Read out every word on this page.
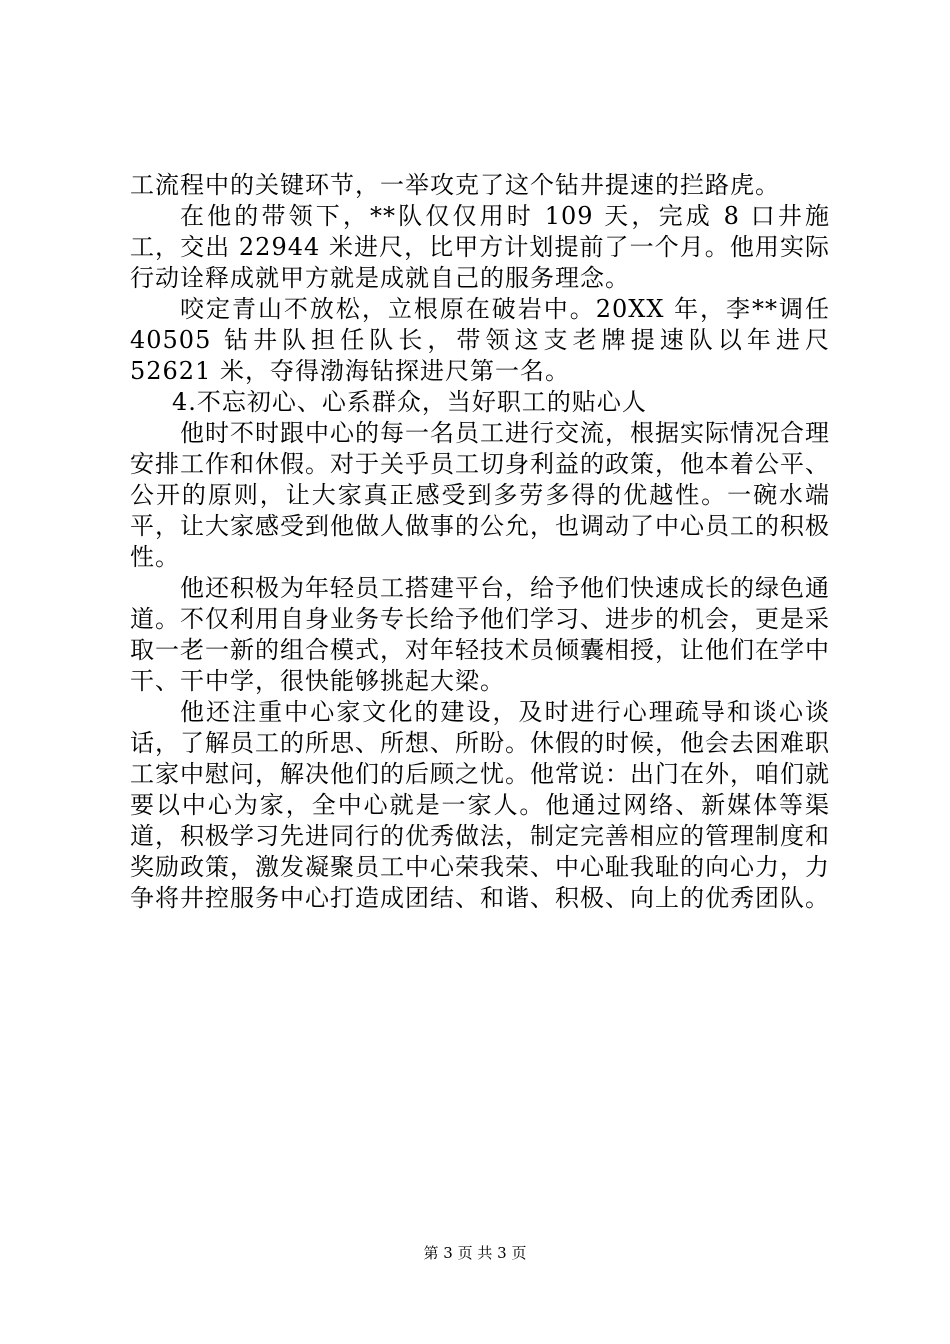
工流程中的关键环节，一举攻克了这个钻井提速的拦路虎。

在他的带领下，**队仅仅用时 109 天，完成 8 口井施工，交出 22944 米进尺，比甲方计划提前了一个月。他用实际行动诠释成就甲方就是成就自己的服务理念。

咬定青山不放松，立根原在破岩中。20XX 年，李**调任 40505 钻井队担任队长，带领这支老牌提速队以年进尺 52621 米，夺得渤海钻探进尺第一名。

4.不忘初心、心系群众，当好职工的贴心人

他时不时跟中心的每一名员工进行交流，根据实际情况合理安排工作和休假。对于关乎员工切身利益的政策，他本着公平、公开的原则，让大家真正感受到多劳多得的优越性。一碗水端平，让大家感受到他做人做事的公允，也调动了中心员工的积极性。

他还积极为年轻员工搭建平台，给予他们快速成长的绿色通道。不仅利用自身业务专长给予他们学习、进步的机会，更是采取一老一新的组合模式，对年轻技术员倾囊相授，让他们在学中干、干中学，很快能够挑起大梁。

他还注重中心家文化的建设，及时进行心理疏导和谈心谈话，了解员工的所思、所想、所盼。休假的时候，他会去困难职工家中慰问，解决他们的后顾之忧。他常说：出门在外，咱们就要以中心为家，全中心就是一家人。他通过网络、新媒体等渠道，积极学习先进同行的优秀做法，制定完善相应的管理制度和奖励政策，激发凝聚员工中心荣我荣、中心耻我耻的向心力，力争将井控服务中心打造成团结、和谐、积极、向上的优秀团队。

第 3 页 共 3 页
